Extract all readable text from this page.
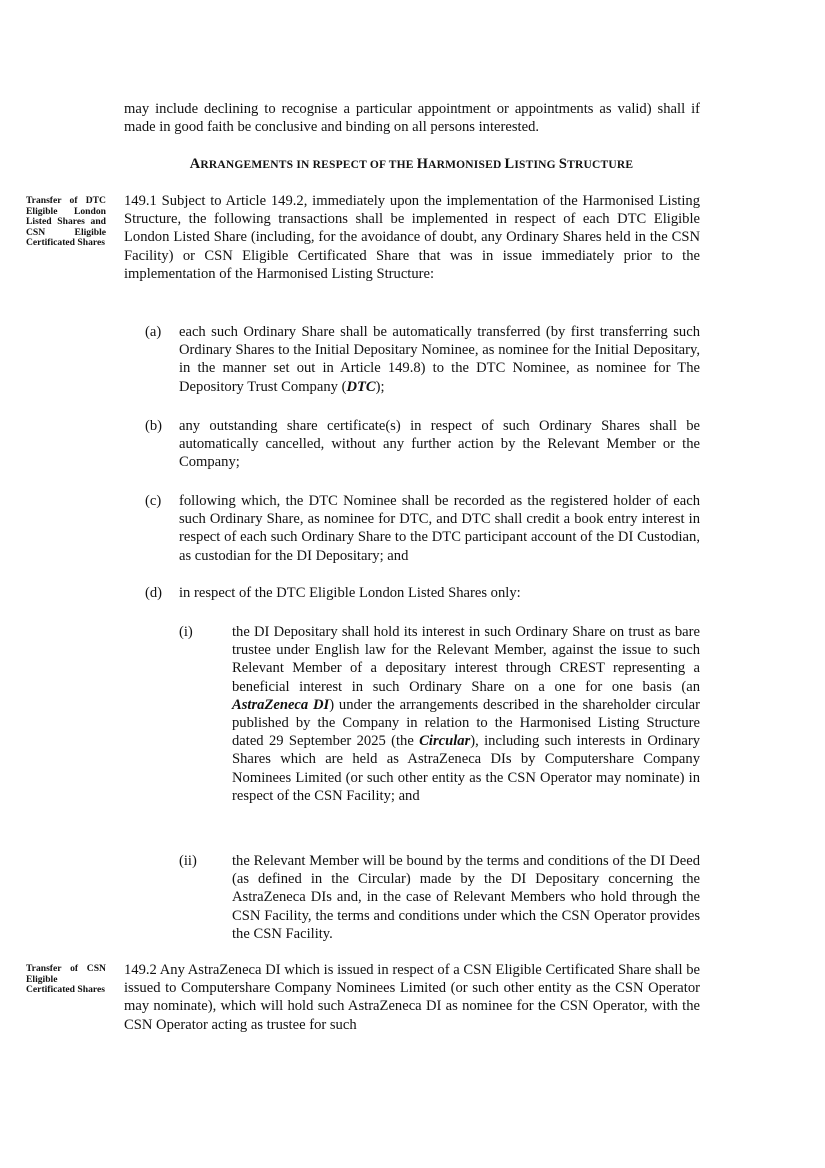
may include declining to recognise a particular appointment or appointments as valid) shall if made in good faith be conclusive and binding on all persons interested.

ARRANGEMENTS IN RESPECT OF THE HARMONISED LISTING STRUCTURE
Transfer of DTC Eligible London Listed Shares and CSN Eligible Certificated Shares

149.1 Subject to Article 149.2, immediately upon the implementation of the Harmonised Listing Structure, the following transactions shall be implemented in respect of each DTC Eligible London Listed Share (including, for the avoidance of doubt, any Ordinary Shares held in the CSN Facility) or CSN Eligible Certificated Share that was in issue immediately prior to the implementation of the Harmonised Listing Structure:

(a) each such Ordinary Share shall be automatically transferred (by first transferring such Ordinary Shares to the Initial Depositary Nominee, as nominee for the Initial Depositary, in the manner set out in Article 149.8) to the DTC Nominee, as nominee for The Depository Trust Company (DTC);

(b) any outstanding share certificate(s) in respect of such Ordinary Shares shall be automatically cancelled, without any further action by the Relevant Member or the Company;

(c) following which, the DTC Nominee shall be recorded as the registered holder of each such Ordinary Share, as nominee for DTC, and DTC shall credit a book entry interest in respect of each such Ordinary Share to the DTC participant account of the DI Custodian, as custodian for the DI Depositary; and

(d) in respect of the DTC Eligible London Listed Shares only:

(i)	the DI Depositary shall hold its interest in such Ordinary Share on trust as bare trustee under English law for the Relevant Member, against the issue to such Relevant Member of a depositary interest through CREST representing a beneficial interest in such Ordinary Share on a one for one basis (an AstraZeneca DI) under the arrangements described in the shareholder circular published by the Company in relation to the Harmonised Listing Structure dated 29 September 2025 (the Circular), including such interests in Ordinary Shares which are held as AstraZeneca DIs by Computershare Company Nominees Limited (or such other entity as the CSN Operator may nominate) in respect of the CSN Facility; and

(ii) the Relevant Member will be bound by the terms and conditions of the DI Deed (as defined in the Circular) made by the DI Depositary concerning the AstraZeneca DIs and, in the case of Relevant Members who hold through the CSN Facility, the terms and conditions under which the CSN Operator provides the CSN Facility.

Transfer of CSN Eligible Certificated Shares

149.2 Any AstraZeneca DI which is issued in respect of a CSN Eligible Certificated Share shall be issued to Computershare Company Nominees Limited (or such other entity as the CSN Operator may nominate), which will hold such AstraZeneca DI as nominee for the CSN Operator, with the CSN Operator acting as trustee for such
